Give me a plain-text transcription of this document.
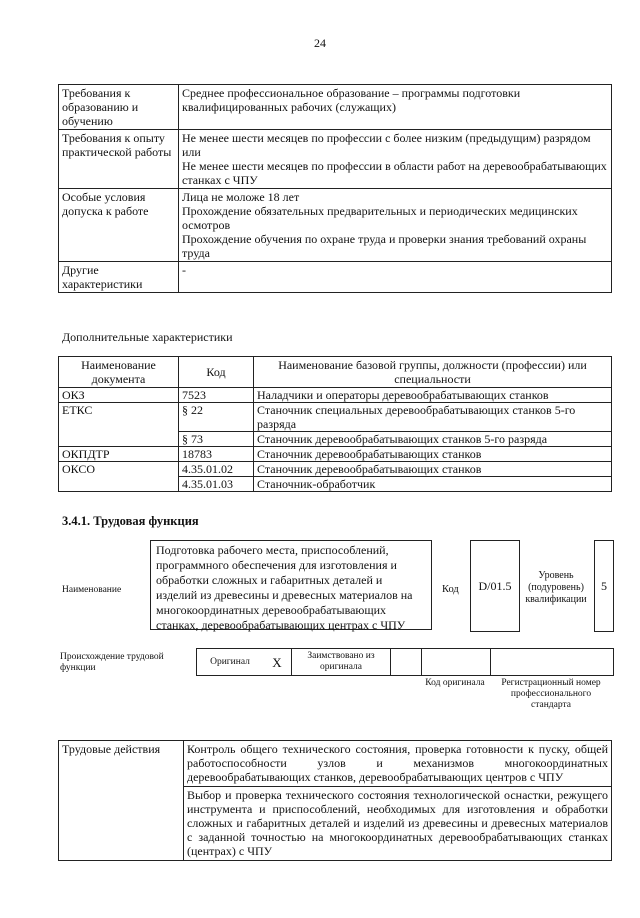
24
Требования к образованию и обучению	Среднее профессиональное образование – программы подготовки квалифицированных рабочих (служащих)

Требования к опыту практической работы	Не менее шести месяцев по профессии с более низким (предыдущим) разрядом
или
Не менее шести месяцев по профессии в области работ на деревообрабатывающих станках с ЧПУ

Особые условия допуска к работе	Лица не моложе 18 лет
Прохождение обязательных предварительных и периодических медицинских осмотров
Прохождение обучения по охране труда и проверки знания требований охраны труда

Другие характеристики	-
Дополнительные характеристики
Наименование документа	Код	Наименование базовой группы, должности (профессии) или специальности
ОКЗ	7523	Наладчики и операторы деревообрабатывающих станков
ЕТКС	§ 22	Станочник специальных деревообрабатывающих станков 5-го разряда
	§ 73	Станочник деревообрабатывающих станков 5-го разряда
ОКПДТР	18783	Станочник деревообрабатывающих станков
ОКСО	4.35.01.02	Станочник деревообрабатывающих станков
	4.35.01.03	Станочник-обработчик
3.4.1. Трудовая функция
Наименование
Подготовка рабочего места, приспособлений, программного обеспечения для изготовления и обработки сложных и габаритных деталей и изделий из древесины и древесных материалов на многокоординатных деревообрабатывающих станках, деревообрабатывающих центрах с ЧПУ
Код D/01.5
Уровень (подуровень) квалификации
5
Происхождение трудовой функции
Оригинал	X	Заимствовано из оригинала			
Код оригинала	Регистрационный номер профессионального стандарта
Трудовые действия	Контроль общего технического состояния, проверка готовности к пуску, общей работоспособности узлов и механизмов многокоординатных деревообрабатывающих станков, деревообрабатывающих центров с ЧПУ
Выбор и проверка технического состояния технологической оснастки, режущего инструмента и приспособлений, необходимых для изготовления и обработки сложных и габаритных деталей и изделий из древесины и древесных материалов с заданной точностью на многокоординатных деревообрабатывающих станках (центрах) с ЧПУ
